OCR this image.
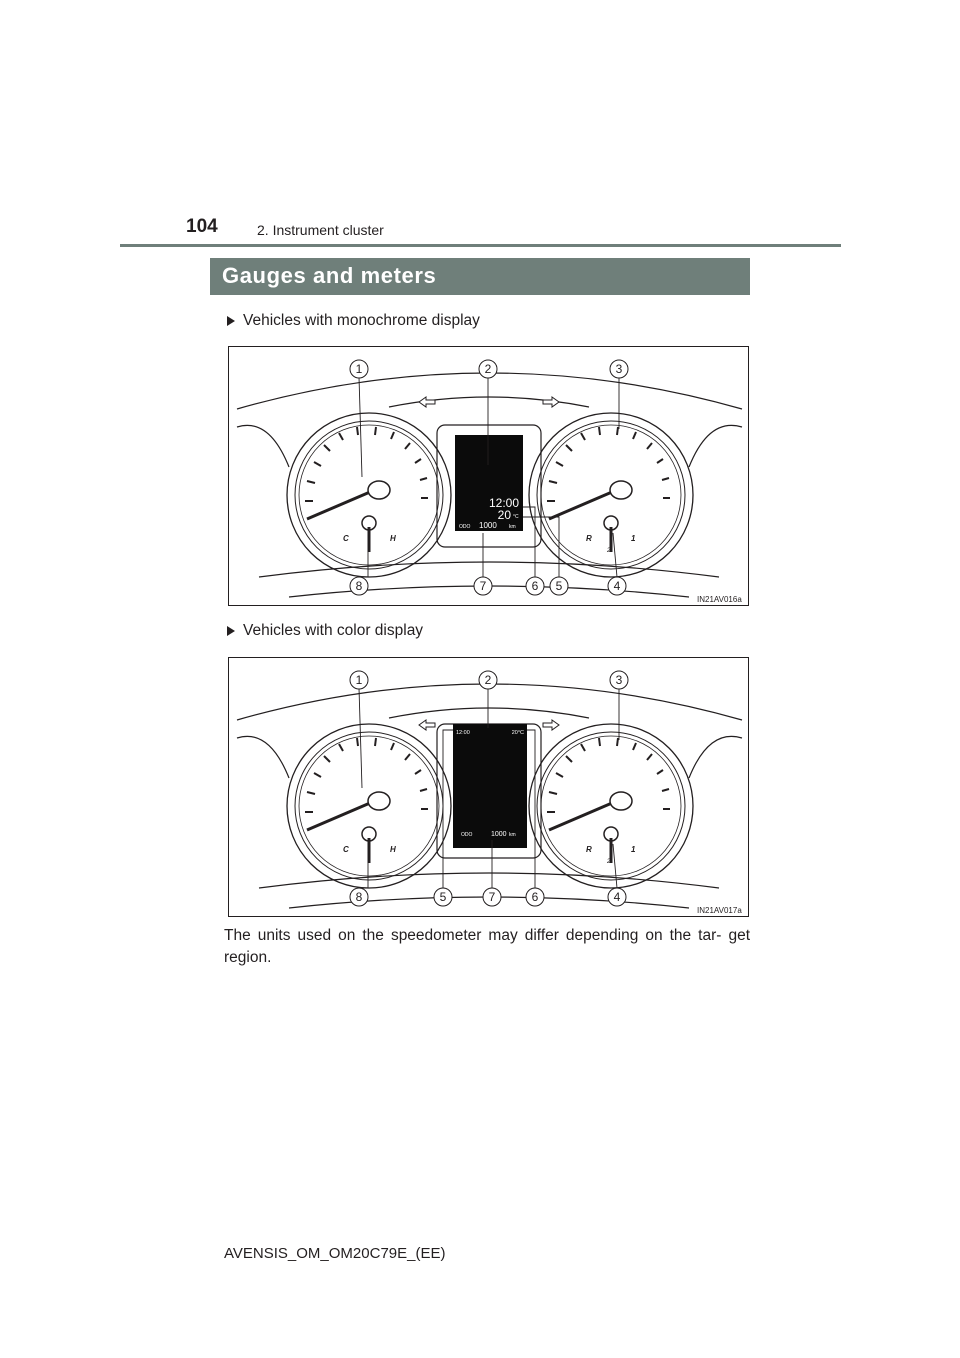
104	2. Instrument cluster
Gauges and meters
Vehicles with monochrome display
C	H	R	1
2
12:00
20 °C
ODO 1000 km
1	2	3
8	7	6 5	4
IN21AV016a
Vehicles with color display
C	H	R	1
2
12:00	20°C
ODO	1000 km
1	2	3
8	5	7	6	4
IN21AV017a

The units used on the speedometer may differ depending on the tar- get region.

AVENSIS_OM_OM20C79E_(EE)
